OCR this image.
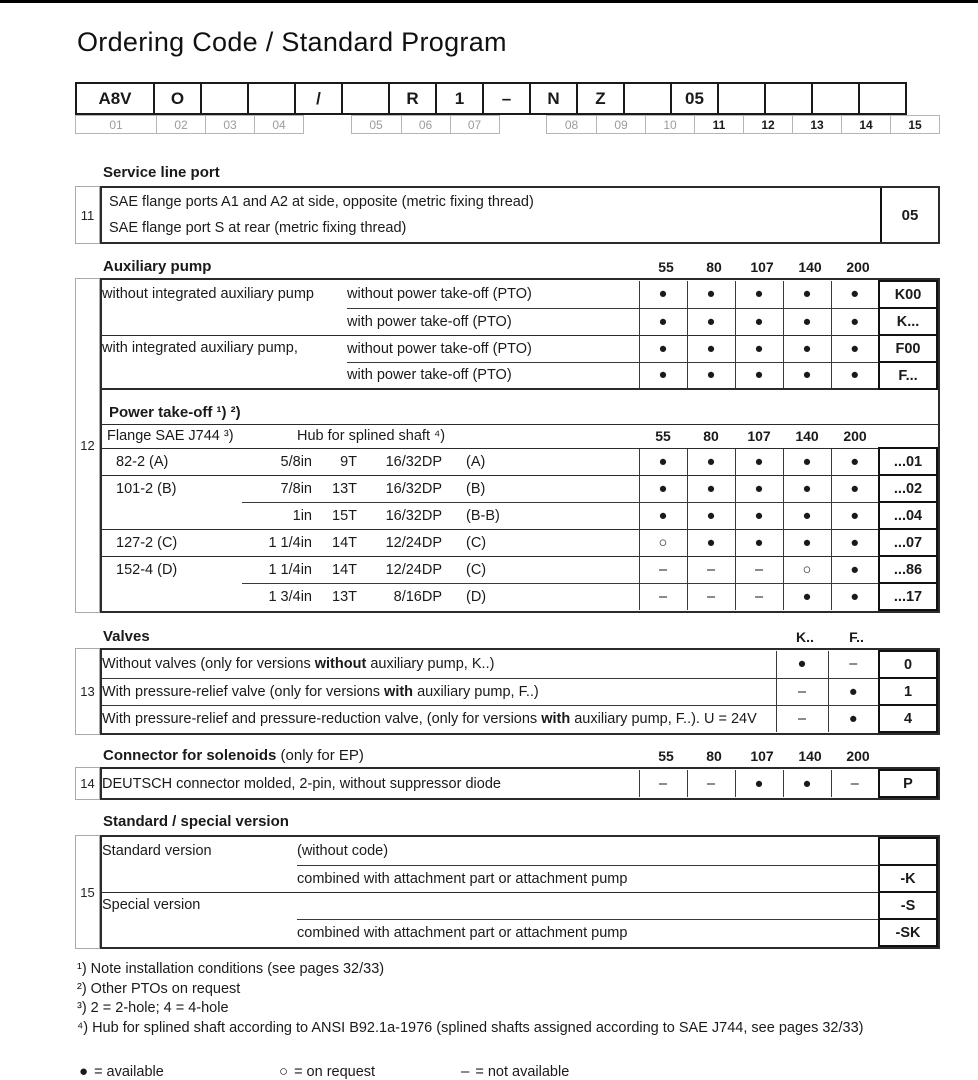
Ordering Code / Standard Program
A8V	O	/	R	1	–	N	Z	05
01	02	03	04	05	06	07	08	09	10	11	12	13	14	15
Service line port
11
SAE flange ports A1 and A2 at side, opposite (metric fixing thread)
SAE flange port S at rear (metric fixing thread)
05
Auxiliary pump	55	80	107	140	200
12
without integrated auxiliary pump	without power take-off (PTO)	●	●	●	●	●	K00
	with power take-off (PTO)	●	●	●	●	●	K...

with integrated auxiliary pump,	without power take-off (PTO)	●	●	●	●	●	F00
	with power take-off (PTO)	●	●	●	●	●	F...
Power take-off ¹) ²)
Flange SAE J744 ³)	Hub for splined shaft ⁴)				55	80	107	140	200	
82-2 (A)	5/8in	9T	16/32DP	(A)	●	●	●	●	●	...01
101-2 (B)	7/8in	13T	16/32DP	(B)	●	●	●	●	●	...02
	1in	15T	16/32DP	(B-B)	●	●	●	●	●	...04
127-2 (C)	1 1/4in	14T	12/24DP	(C)	○	●	●	●	●	...07
152-4 (D)	1 1/4in	14T	12/24DP	(C)	–	–	–	○	●	...86
	1 3/4in	13T	8/16DP	(D)	–	–	–	●	●	...17
Valves	K..	F..
13
Without valves (only for versions without auxiliary pump, K..)	●	–	0
With pressure-relief valve (only for versions with auxiliary pump, F..)	–	●	1
With pressure-relief and pressure-reduction valve, (only for versions with auxiliary pump, F..). U = 24V	–	●	4
Connector for solenoids (only for EP)	55	80	107	140	200
14 DEUTSCH connector molded, 2-pin, without suppressor diode	–	–	●	●	–	P
Standard / special version
15
Standard version	(without code)	
	combined with attachment part or attachment pump	-K

Special version		-S
	combined with attachment part or attachment pump	-SK
¹) Note installation conditions (see pages 32/33)
²) Other PTOs on request
³) 2 = 2-hole; 4 = 4-hole
⁴) Hub for splined shaft according to ANSI B92.1a-1976 (splined shafts assigned according to SAE J744, see pages 32/33)
● = available	○ = on request	– = not available
